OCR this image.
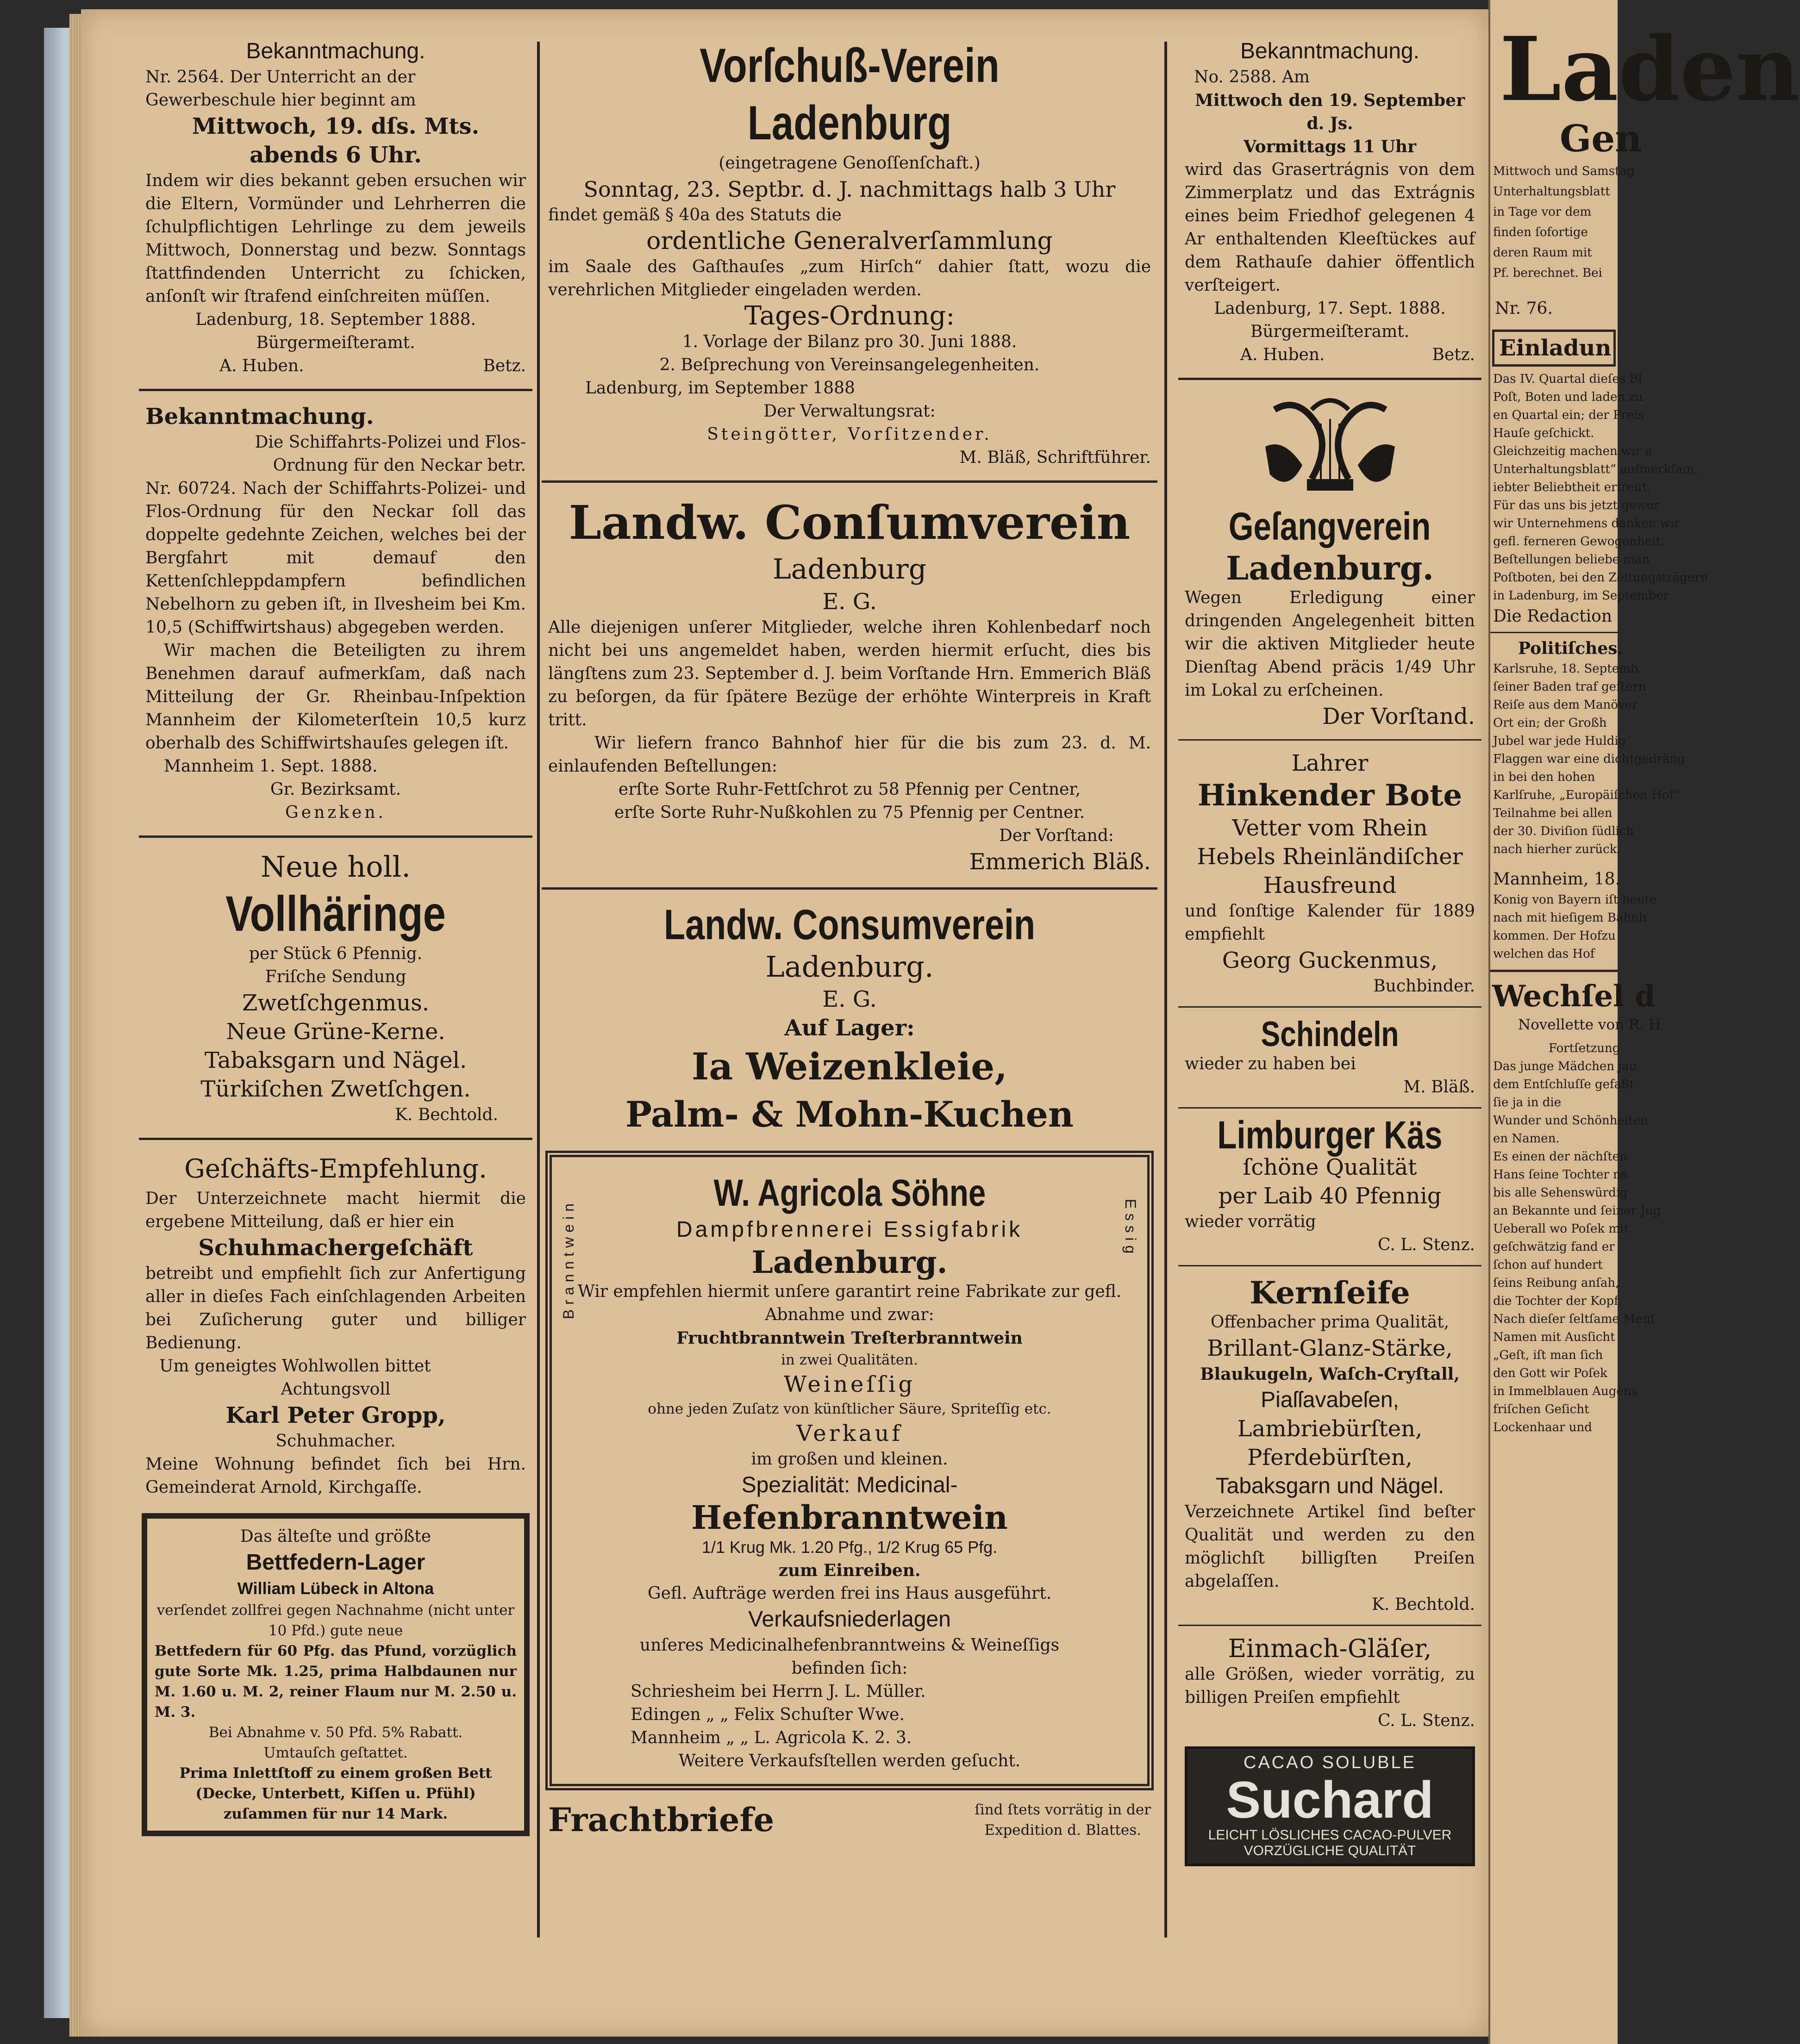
Bekanntmachung.

Nr. 2564. Der Unterricht an der

Gewerbeschule hier beginnt am

Mittwoch, 19. dſs. Mts.

abends 6 Uhr.

Indem wir dies bekannt geben ersuchen wir die Eltern, Vormünder und Lehrherren die ſchulpflichtigen Lehrlinge zu dem jeweils Mittwoch, Donnerstag und bezw. Sonntags ſtattfindenden Unterricht zu ſchicken, anſonſt wir ſtrafend einſchreiten müſſen.

Ladenburg, 18. September 1888.

Bürgermeiſteramt.

A. Huben.	Betz.

Bekanntmachung.

Die Schiffahrts-Polizei und Flos-Ordnung für den Neckar betr.

Nr. 60724. Nach der Schiffahrts-Polizei- und Flos-Ordnung für den Neckar ſoll das doppelte gedehnte Zeichen, welches bei der Bergfahrt mit demauf den Kettenſchleppdampfern befindlichen Nebelhorn zu geben iſt, in Ilvesheim bei Km. 10,5 (Schiffwirtshaus) abgegeben werden.

Wir machen die Beteiligten zu ihrem Benehmen darauf aufmerkſam, daß nach Mitteilung der Gr. Rheinbau-Inſpektion Mannheim der Kilometerſtein 10,5 kurz oberhalb des Schiffwirtshauſes gelegen iſt.

Mannheim 1. Sept. 1888.

Gr. Bezirksamt.

Genzken.

Neue holl.

Vollhäringe

per Stück 6 Pfennig.

Friſche Sendung

Zwetſchgenmus.

Neue Grüne-Kerne.

Tabaksgarn und Nägel.

Türkiſchen Zwetſchgen.

K. Bechtold.

Geſchäfts-Empfehlung.

Der Unterzeichnete macht hiermit die ergebene Mitteilung, daß er hier ein

Schuhmachergeſchäft

betreibt und empfiehlt ſich zur Anfertigung aller in dieſes Fach einſchlagenden Arbeiten bei Zuſicherung guter und billiger Bedienung.

Um geneigtes Wohlwollen bittet

Achtungsvoll

Karl Peter Gropp,

Schuhmacher.

Meine Wohnung befindet ſich bei Hrn. Gemeinderat Arnold, Kirchgaſſe.

Das älteſte und größte

Bettfedern-Lager

William Lübeck in Altona

verſendet zollfrei gegen Nachnahme (nicht unter 10 Pfd.) gute neue

Bettfedern für 60 Pfg. das Pfund, vorzüglich gute Sorte Mk. 1.25, prima Halbdaunen nur M. 1.60 u. M. 2, reiner Flaum nur M. 2.50 u. M. 3.

Bei Abnahme v. 50 Pfd. 5% Rabatt.

Umtauſch geſtattet.

Prima Inlettſtoff zu einem großen Bett (Decke, Unterbett, Kiſſen u. Pfühl) zuſammen für nur 14 Mark.

Vorſchuß-Verein Ladenburg

(eingetragene Genoſſenſchaft.)

Sonntag, 23. Septbr. d. J. nachmittags halb 3 Uhr

findet gemäß § 40a des Statuts die

ordentliche Generalverſammlung

im Saale des Gaſthauſes „zum Hirſch“ dahier ſtatt, wozu die verehrlichen Mitglieder eingeladen werden.

Tages-Ordnung:

1. Vorlage der Bilanz pro 30. Juni 1888.

2. Beſprechung von Vereinsangelegenheiten.

Ladenburg, im September 1888

Der Verwaltungsrat:

Steingötter, Vorſitzender.

M. Bläß, Schriftführer.

Landw. Conſumverein

Ladenburg

E. G.

Alle diejenigen unſerer Mitglieder, welche ihren Kohlenbedarf noch nicht bei uns angemeldet haben, werden hiermit erſucht, dies bis längſtens zum 23. September d. J. beim Vorſtande Hrn. Emmerich Bläß zu beſorgen, da für ſpätere Bezüge der erhöhte Winterpreis in Kraft tritt.

Wir liefern franco Bahnhof hier für die bis zum 23. d. M. einlaufenden Beſtellungen:

erſte Sorte Ruhr-Fettſchrot zu 58 Pfennig per Centner,

erſte Sorte Ruhr-Nußkohlen zu 75 Pfennig per Centner.

Der Vorſtand:

Emmerich Bläß.

Landw. Consumverein

Ladenburg.

E. G.

Auf Lager:

Ia Weizenkleie,

Palm- & Mohn-Kuchen

Branntwein	Essig

W. Agricola Söhne

Dampfbrennerei Essigfabrik

Ladenburg.

Wir empfehlen hiermit unſere garantirt reine Fabrikate zur gefl. Abnahme und zwar:

Fruchtbranntwein Treſterbranntwein

in zwei Qualitäten.

Weineſſig

ohne jeden Zuſatz von künſtlicher Säure, Spriteſſig etc.

Verkauf

im großen und kleinen.

Spezialität: Medicinal-

Hefenbranntwein

1/1 Krug Mk. 1.20 Pfg., 1/2 Krug 65 Pfg.

zum Einreiben.

Gefl. Aufträge werden frei ins Haus ausgeführt.

Verkaufsniederlagen

unſeres Medicinalhefenbranntweins & Weineſſigs

befinden ſich:

Schriesheim bei Herrn J. L. Müller.

Edingen „ „ Felix Schuſter Wwe.

Mannheim „ „ L. Agricola K. 2. 3.

Weitere Verkaufsſtellen werden geſucht.

Frachtbriefe	ſind ſtets vorrätig in der
Expedition d. Blattes.

Bekanntmachung.

No. 2588. Am

Mittwoch den 19. September d. Js.

Vormittags 11 Uhr

wird das Grasertrágnis von dem Zimmerplatz und das Extrágnis eines beim Friedhof gelegenen 4 Ar enthaltenden Kleeſtückes auf dem Rathauſe dahier öffentlich verſteigert.

Ladenburg, 17. Sept. 1888.

Bürgermeiſteramt.

A. Huben.	Betz.

Geſangverein

Ladenburg.

Wegen Erledigung einer dringenden Angelegenheit bitten wir die aktiven Mitglieder heute Dienſtag Abend präcis 1/49 Uhr im Lokal zu erſcheinen.

Der Vorſtand.

Lahrer

Hinkender Bote

Vetter vom Rhein

Hebels Rheinländiſcher

Hausfreund

und ſonſtige Kalender für 1889 empfiehlt

Georg Guckenmus,

Buchbinder.

Schindeln

wieder zu haben bei

M. Bläß.

Limburger Käs

ſchöne Qualität

per Laib 40 Pfennig

wieder vorrätig

C. L. Stenz.

Kernſeife

Offenbacher prima Qualität,

Brillant-Glanz-Stärke,

Blaukugeln, Waſch-Cryſtall,

Piaſſavabeſen,

Lambriebürſten,

Pferdebürſten,

Tabaksgarn und Nägel.

Verzeichnete Artikel ſind beſter Qualität und werden zu den möglichſt billigſten Preiſen abgelaſſen.

K. Bechtold.

Einmach-Gläſer,

alle Größen, wieder vorrätig, zu billigen Preiſen empfiehlt

C. L. Stenz.

CACAO SOLUBLE

Suchard

LEICHT LÖSLICHES CACAO-PULVER

VORZÜGLICHE QUALITÄT

Laden

Gen

Mittwoch und Samstag

Unterhaltungsblatt

in Tage vor dem

finden ſofortige

deren Raum mit

Pf. berechnet. Bei

Nr. 76.

Einladun

Das IV. Quartal dieſes Bl

Poſt, Boten und laden zu

en Quartal ein; der Preis

Hauſe geſchickt.

Gleichzeitig machen wir a

Unterhaltungsblatt“ aufmerkſam,

iebter Beliebtheit erfreut.

Für das uns bis jetzt gewor

wir Unternehmens danken wir

gefl. ferneren Gewogenheit.

Beſtellungen beliebe man

Poſtboten, bei den Zeitungsträgern

in Ladenburg, im September

Die Redaction

Politiſches.

Karlsruhe, 18. Septemb.

ſeiner Baden traf geſtern

Reiſe aus dem Manöver

Ort ein; der Großh

Jubel war jede Huldig

Flaggen war eine dichtgedräng

in bei den hohen

Karlſruhe, „Europäiſchen Hof“

Teilnahme bei allen

der 30. Diviſion ſüdlich

nach hierher zurück.

Mannheim, 18.

Konig von Bayern iſt heute

nach mit hieſigem Bahnh

kommen. Der Hofzu

welchen das Hof

Wechſel d

Novellette von R. H

Fortſetzung

Das junge Mädchen jau

dem Entſchluſſe gefaßt

ſie ja in die

Wunder und Schönheiten

en Namen.

Es einen der nächſten

Hans ſeine Tochter na

bis alle Sehenswürdig

an Bekannte und ſeiner Jug

Ueberall wo Poſek mit

geſchwätzig fand er

ſchon auf hundert

ſeins Reibung anſah,

die Tochter der Kopf.

Nach dieſer ſeltſame Menſ

Namen mit Ausſicht

„Geſt, iſt man ſich

den Gott wir Poſek

in Immelblauen Augens

friſchen Geſicht

Lockenhaar und
